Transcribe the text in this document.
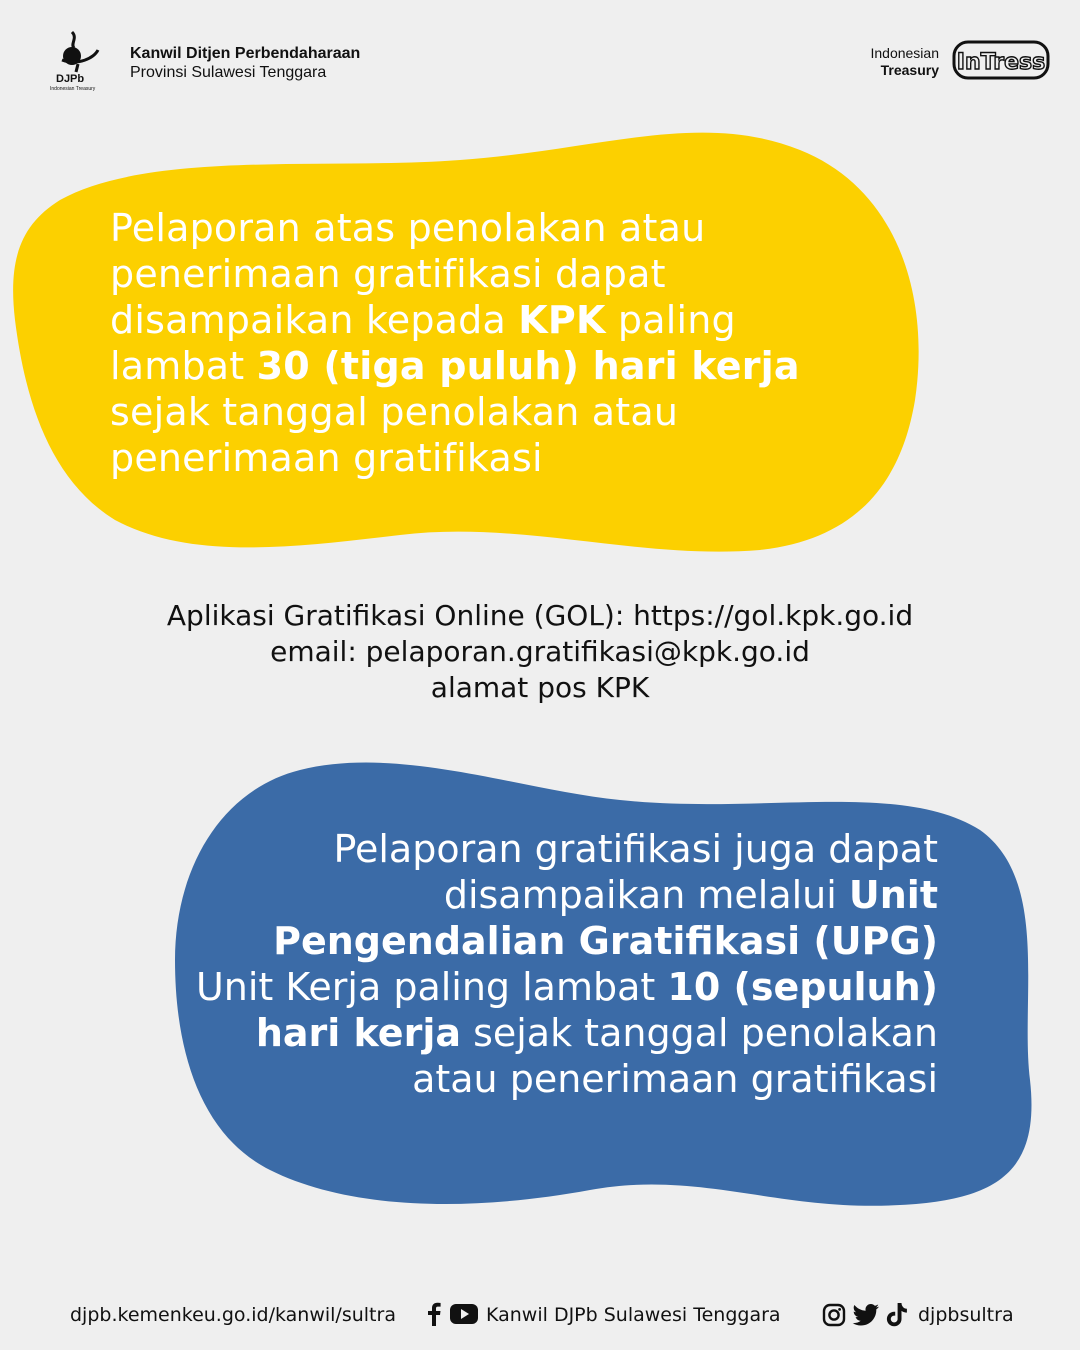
DJPb
Indonesian Treasury
Kanwil Ditjen Perbendaharaan
Provinsi Sulawesi Tenggara
Indonesian
Treasury InTress
Pelaporan atas penolakan atau penerimaan gratifikasi dapat disampaikan kepada KPK paling lambat 30 (tiga puluh) hari kerja sejak tanggal penolakan atau penerimaan gratifikasi
Aplikasi Gratifikasi Online (GOL): https://gol.kpk.go.id
email: pelaporan.gratifikasi@kpk.go.id
alamat pos KPK
Pelaporan gratifikasi juga dapat disampaikan melalui Unit Pengendalian Gratifikasi (UPG) Unit Kerja paling lambat 10 (sepuluh) hari kerja sejak tanggal penolakan atau penerimaan gratifikasi
djpb.kemenkeu.go.id/kanwil/sultra	Kanwil DJPb Sulawesi Tenggara	djpbsultra
